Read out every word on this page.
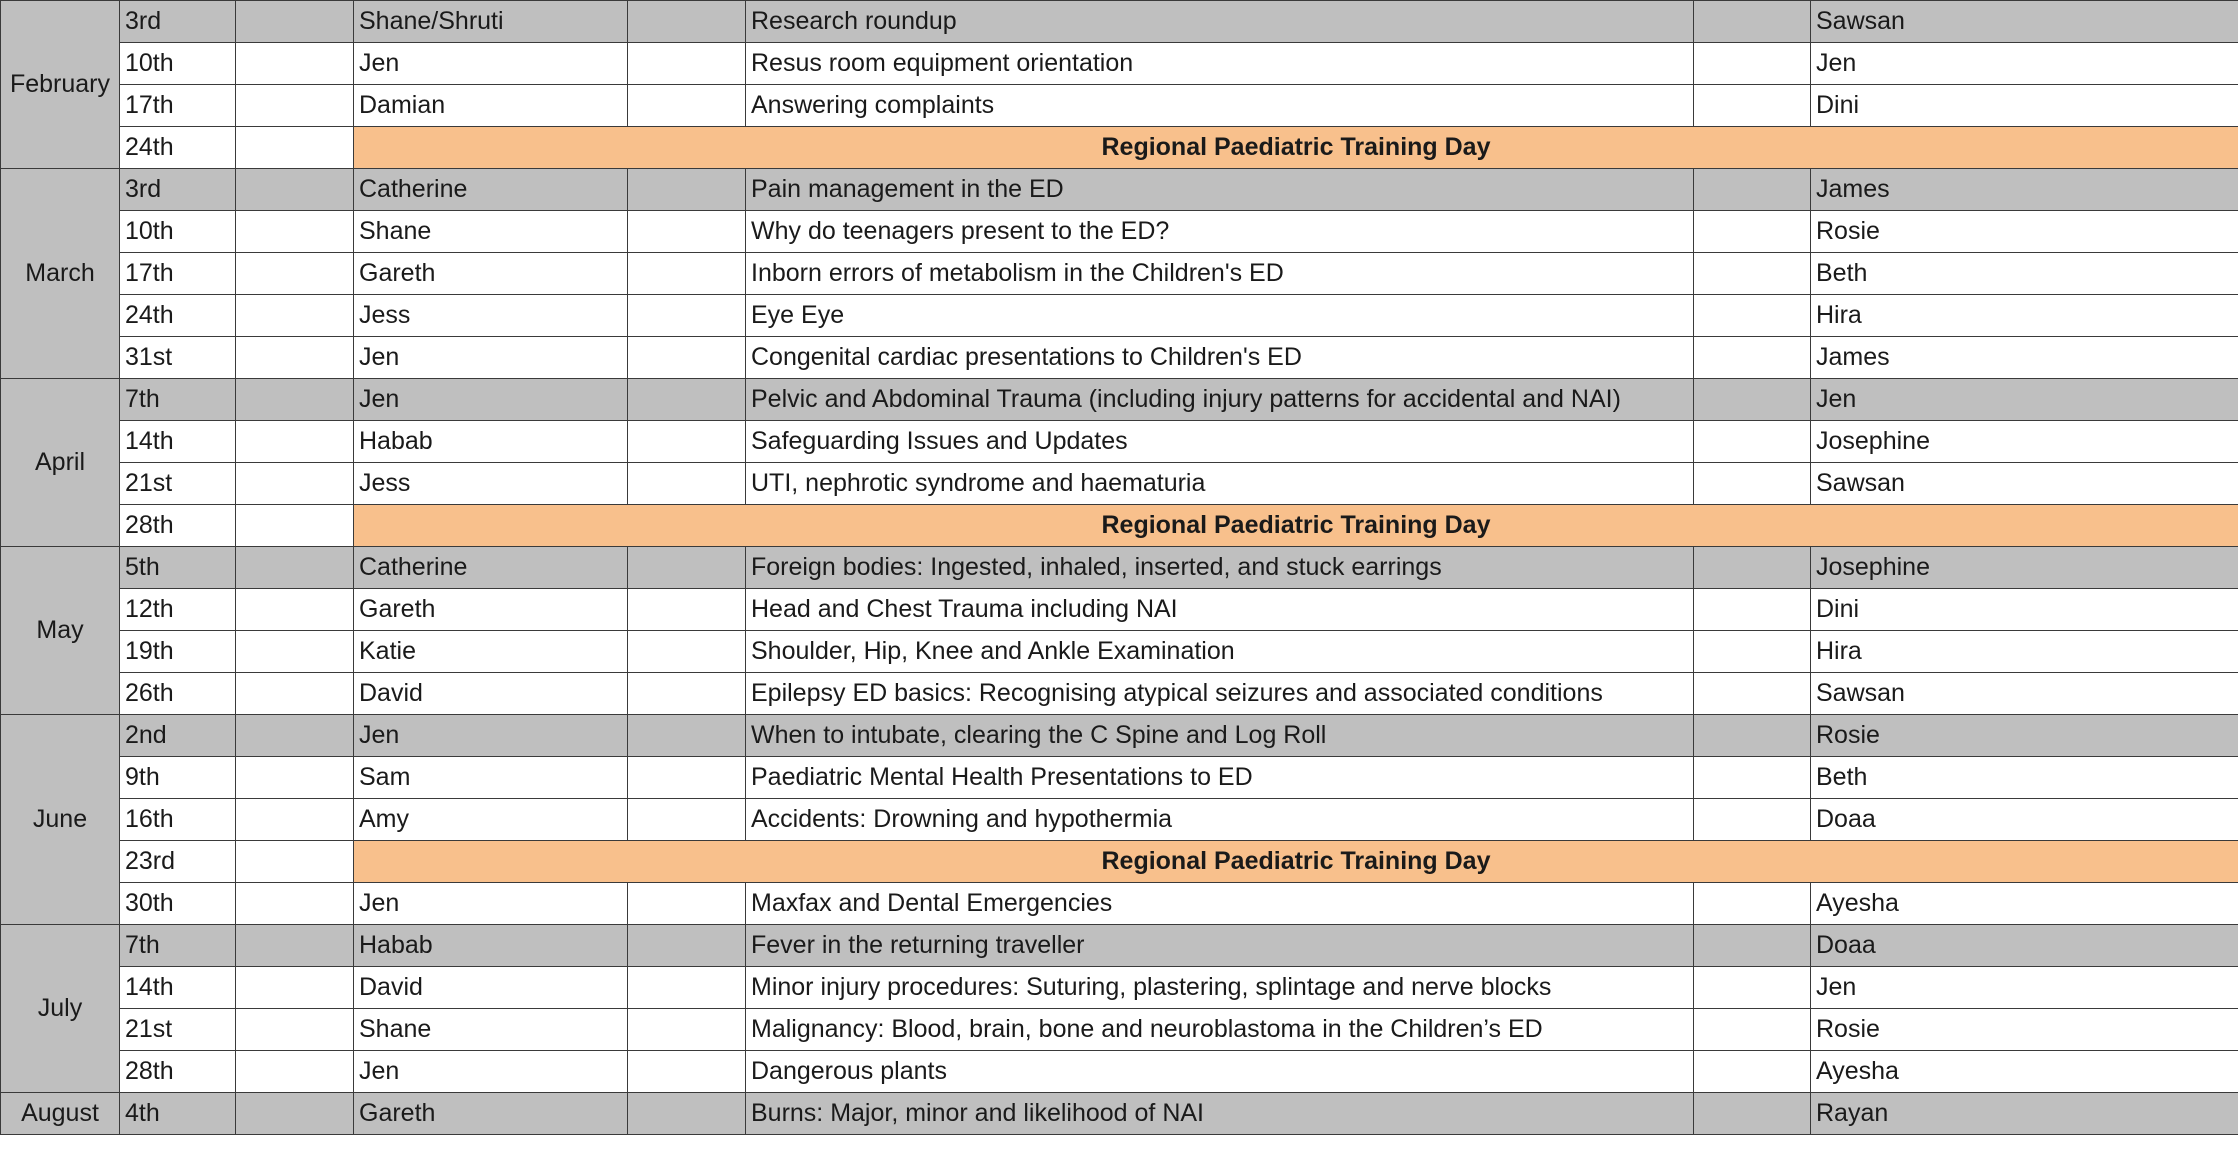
February	3rd		Shane/Shruti		Research roundup		Sawsan
	10th		Jen		Resus room equipment orientation		Jen
	17th		Damian		Answering complaints		Dini
	24th		Regional Paediatric Training Day				
March	3rd		Catherine		Pain management in the ED		James
	10th		Shane		Why do teenagers present to the ED?		Rosie
	17th		Gareth		Inborn errors of metabolism in the Children's ED		Beth
	24th		Jess		Eye Eye		Hira
	31st		Jen		Congenital cardiac presentations to Children's ED		James
April	7th		Jen		Pelvic and Abdominal Trauma (including injury patterns for accidental and NAI)		Jen
	14th		Habab		Safeguarding Issues and Updates		Josephine
	21st		Jess		UTI, nephrotic syndrome and haematuria		Sawsan
	28th		Regional Paediatric Training Day				
May	5th		Catherine		Foreign bodies: Ingested, inhaled, inserted, and stuck earrings		Josephine
	12th		Gareth		Head and Chest Trauma including NAI		Dini
	19th		Katie		Shoulder, Hip, Knee and Ankle Examination		Hira
	26th		David		Epilepsy ED basics: Recognising atypical seizures and associated conditions		Sawsan
June	2nd		Jen		When to intubate, clearing the C Spine and Log Roll		Rosie
	9th		Sam		Paediatric Mental Health Presentations to ED		Beth
	16th		Amy		Accidents: Drowning and hypothermia		Doaa
	23rd		Regional Paediatric Training Day				
	30th		Jen		Maxfax and Dental Emergencies		Ayesha
July	7th		Habab		Fever in the returning traveller		Doaa
	14th		David		Minor injury procedures: Suturing, plastering, splintage and nerve blocks		Jen
	21st		Shane		Malignancy: Blood, brain, bone and neuroblastoma in the Children’s ED		Rosie
	28th		Jen		Dangerous plants		Ayesha
August	4th		Gareth		Burns: Major, minor and likelihood of NAI		Rayan
